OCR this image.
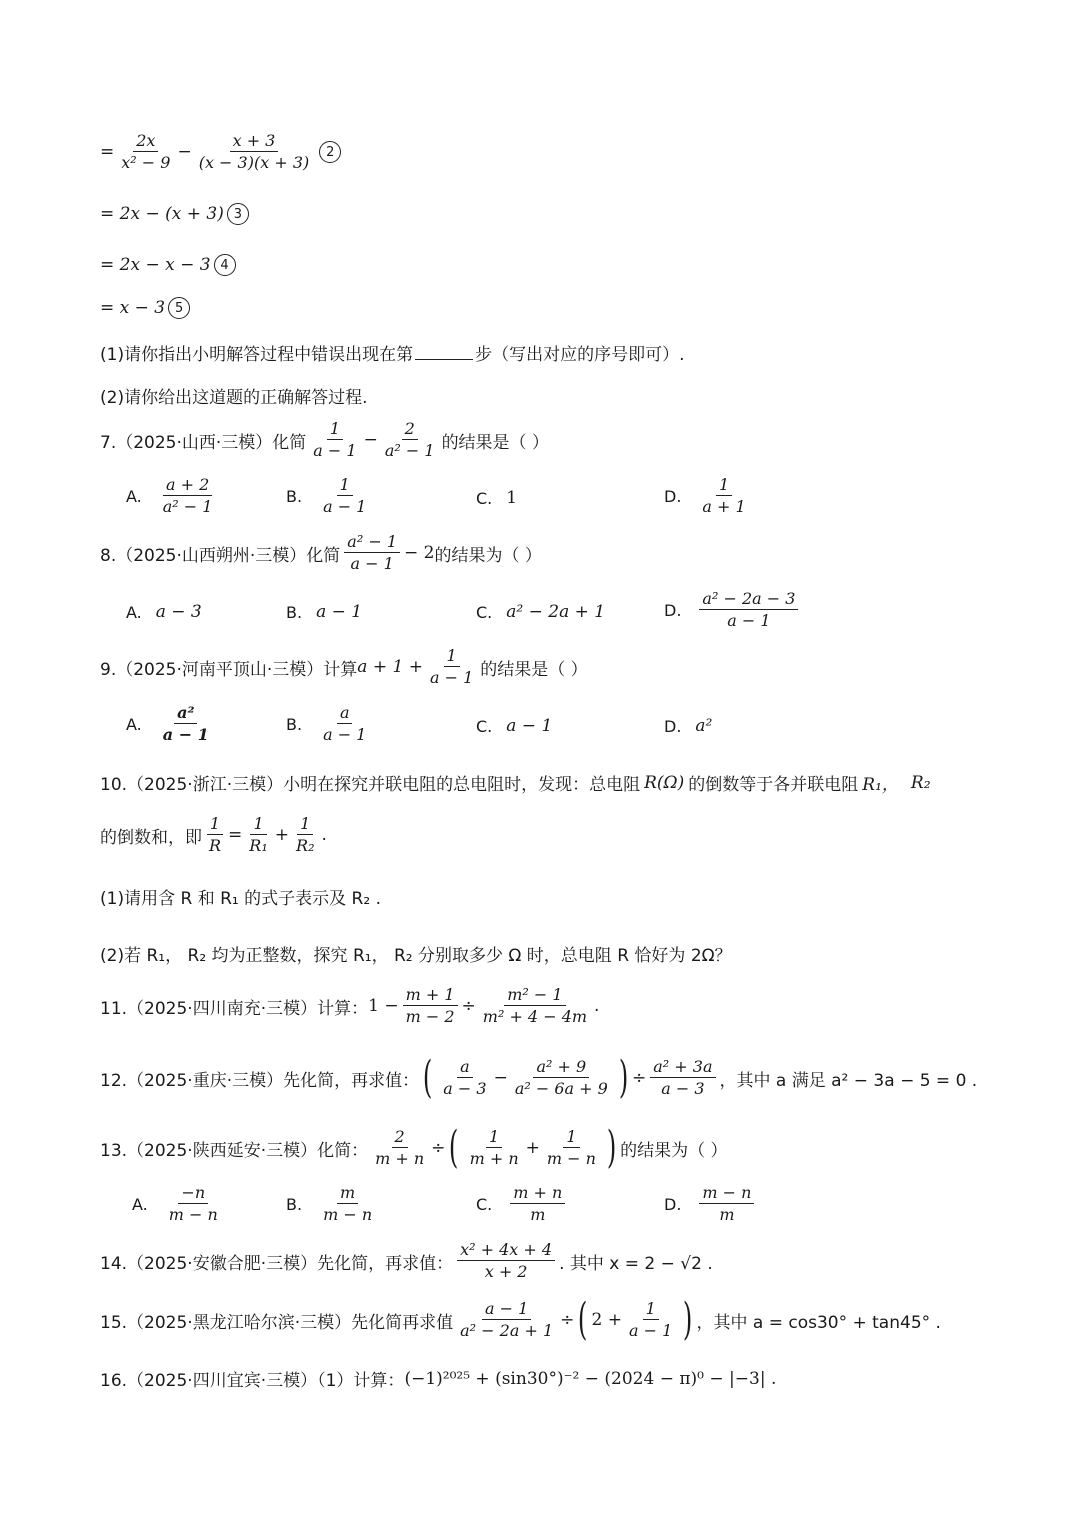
= $\frac{2x}{\text{x² − 9}} - \frac{x + 3}{(x - 3)(x + 3)}$	2
= 2x − (x + 3) 3
= 2x − x − 3 4
= x − 3 5
(1)请你指出小明解答过程中错误出现在第	步（写出对应的序号即可）.
(2)请你给出这道题的正确解答过程.
7.（2025·山西·三模）化简 $\frac{1}{a - 1} - \frac{2}{\text{a² − 1}}$ 的结果是（ ）
A. $\frac{a + 2}{\text{a² − 1}}$	B. $\frac{1}{a - 1}$	C. 1	D. $\frac{1}{a + 1}$
8.（2025·山西朔州·三模）化简 $\frac{\text{a² − 1}}{a - 1} - 2$ 的结果为（ ）
A. a − 3	B. a − 1	C. a² − 2a + 1	D. $\frac{\text{a² − 2a − 3}}{a - 1}$
9.（2025·河南平顶山·三模）计算 $a + 1 + \frac{1}{a - 1}$ 的结果是（ ）
A. $\frac{\text{a²}}{a - 1}$	B. $\frac{a}{a - 1}$	C. a − 1	D. a²
10.（2025·浙江·三模）小明在探究并联电阻的总电阻时，发现：总电阻 R(Ω) 的倒数等于各并联电阻 R₁， R₂
的倒数和，即 $\frac{1}{R} = \frac{1}{\text{R₁}} + \frac{1}{\text{R₂}}$ .
(1)请用含 R 和 R₁ 的式子表示及 R₂ .
(2)若 R₁， R₂ 均为正整数，探究 R₁， R₂ 分别取多少 Ω 时，总电阻 R 恰好为 2Ω？
11.（2025·四川南充·三模）计算： $1 - \frac{m + 1}{m - 2} \div \frac{\text{m² − 1}}{\text{m² + 4 − 4m}}$ .
12.（2025·重庆·三模）先化简，再求值： ( $\frac{a}{a - 3} - \frac{\text{a² + 9}}{\text{a² − 6a + 9}}$ ) ÷ $\frac{\text{a² + 3a}}{a - 3}$ ，其中 a 满足 a² − 3a − 5 = 0 .
13.（2025·陕西延安·三模）化简： $\frac{2}{m + n}$ ÷ ( $\frac{1}{m + n} + \frac{1}{m - n}$ ) 的结果为（ ）
A. $\frac{-n}{m - n}$	B. $\frac{m}{m - n}$	C. $\frac{m + n}{m}$	D. $\frac{m - n}{m}$
14.（2025·安徽合肥·三模）先化简，再求值： $\frac{\text{x² + 4x + 4}}{x + 2}$ . 其中 x = 2 − √2 .
15.（2025·黑龙江哈尔滨·三模）先化简再求值 $\frac{a - 1}{\text{a² − 2a + 1}}$ ÷ ( $2 + \frac{1}{a - 1}$ ) ，其中 a = cos30° + tan45° .
16.（2025·四川宜宾·三模）（1）计算： (−1)²⁰²⁵ + (sin30°)⁻² − (2024 − π)⁰ − |−3| .
